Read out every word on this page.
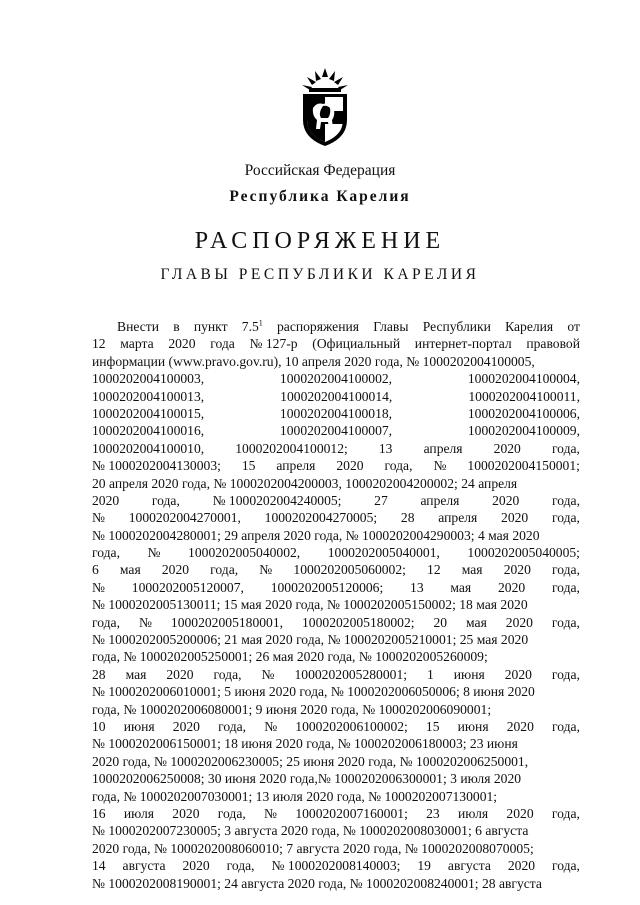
Российская Федерация
Республика Карелия
РАСПОРЯЖЕНИЕ
ГЛАВЫ РЕСПУБЛИКИ КАРЕЛИЯ
Внести в пункт $7.5^1$ распоряжения Главы Республики Карелия от
12 марта 2020 года № 127-р (Официальный интернет-портал правовой
информации (www.pravo.gov.ru), 10 апреля 2020 года, № 1000202004100005,
1000202004100003,	1000202004100002,	1000202004100004,
1000202004100013,	1000202004100014,	1000202004100011,
1000202004100015,	1000202004100018,	1000202004100006,
1000202004100016,	1000202004100007,	1000202004100009,
1000202004100010, 1000202004100012; 13 апреля 2020 года,
№ 1000202004130003; 15 апреля 2020 года, № 1000202004150001;
20 апреля 2020 года, № 1000202004200003, 1000202004200002; 24 апреля
2020 года, № 1000202004240005; 27 апреля 2020 года,
№ 1000202004270001, 1000202004270005; 28 апреля 2020 года,
№ 1000202004280001; 29 апреля 2020 года, № 1000202004290003; 4 мая 2020
года, № 1000202005040002, 1000202005040001, 1000202005040005;
6 мая 2020 года, № 1000202005060002; 12 мая 2020 года,
№ 1000202005120007, 1000202005120006; 13 мая 2020 года,
№ 1000202005130011; 15 мая 2020 года, № 1000202005150002; 18 мая 2020
года, № 1000202005180001, 1000202005180002; 20 мая 2020 года,
№ 1000202005200006; 21 мая 2020 года, № 1000202005210001; 25 мая 2020
года, № 1000202005250001; 26 мая 2020 года, № 1000202005260009;
28 мая 2020 года, № 1000202005280001; 1 июня 2020 года,
№ 1000202006010001; 5 июня 2020 года, № 1000202006050006; 8 июня 2020
года, № 1000202006080001; 9 июня 2020 года, № 1000202006090001;
10 июня 2020 года, № 1000202006100002; 15 июня 2020 года,
№ 1000202006150001; 18 июня 2020 года, № 1000202006180003; 23 июня
2020 года, № 1000202006230005; 25 июня 2020 года, № 1000202006250001,
1000202006250008; 30 июня 2020 года,№ 1000202006300001; 3 июля 2020
года, № 1000202007030001; 13 июля 2020 года, № 1000202007130001;
16 июля 2020 года, № 1000202007160001; 23 июля 2020 года,
№ 1000202007230005; 3 августа 2020 года, № 1000202008030001; 6 августа
2020 года, № 1000202008060010; 7 августа 2020 года, № 1000202008070005;
14 августа 2020 года, № 1000202008140003; 19 августа 2020 года,
№ 1000202008190001; 24 августа 2020 года, № 1000202008240001; 28 августа
